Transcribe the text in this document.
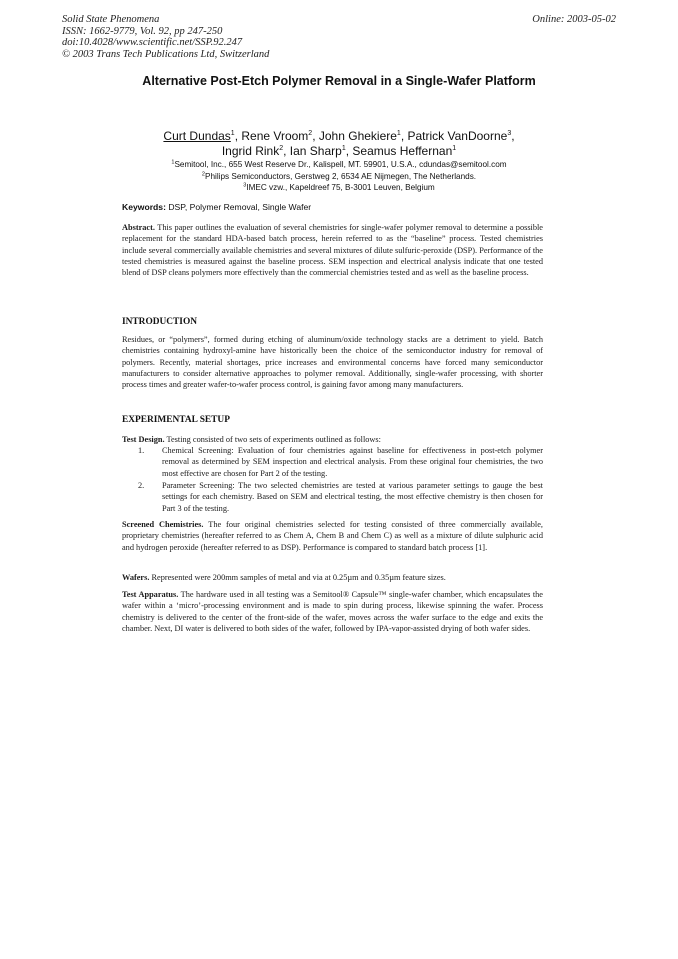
Solid State Phenomena
ISSN: 1662-9779, Vol. 92, pp 247-250
doi:10.4028/www.scientific.net/SSP.92.247
© 2003 Trans Tech Publications Ltd, Switzerland
Online: 2003-05-02
Alternative Post-Etch Polymer Removal in a Single-Wafer Platform
Curt Dundas$^1$, Rene Vroom$^2$, John Ghekiere$^1$, Patrick VanDoorne$^3$,
Ingrid Rink$^2$, Ian Sharp$^1$, Seamus Heffernan$^1$
$^1$Semitool, Inc., 655 West Reserve Dr., Kalispell, MT. 59901, U.S.A., cdundas@semitool.com
$^2$Philips Semiconductors, Gerstweg 2, 6534 AE Nijmegen, The Netherlands.
$^3$IMEC vzw., Kapeldreef 75, B-3001 Leuven, Belgium
Keywords: DSP, Polymer Removal, Single Wafer
Abstract. This paper outlines the evaluation of several chemistries for single-wafer polymer removal to determine a possible replacement for the standard HDA-based batch process, herein referred to as the “baseline” process. Tested chemistries include several commercially available chemistries and several mixtures of dilute sulfuric-peroxide (DSP). Performance of the tested chemistries is measured against the baseline process. SEM inspection and electrical analysis indicate that one tested blend of DSP cleans polymers more effectively than the commercial chemistries tested and as well as the baseline process.
INTRODUCTION
Residues, or “polymers”, formed during etching of aluminum/oxide technology stacks are a detriment to yield. Batch chemistries containing hydroxyl-amine have historically been the choice of the semiconductor industry for removal of polymers. Recently, material shortages, price increases and environmental concerns have forced many semiconductor manufacturers to consider alternative approaches to polymer removal. Additionally, single-wafer processing, with shorter process times and greater wafer-to-wafer process control, is gaining favor among many manufacturers.
EXPERIMENTAL SETUP
Test Design. Testing consisted of two sets of experiments outlined as follows:
1. Chemical Screening: Evaluation of four chemistries against baseline for effectiveness in post-etch polymer removal as determined by SEM inspection and electrical analysis. From these original four chemistries, the two most effective are chosen for Part 2 of the testing.
2. Parameter Screening: The two selected chemistries are tested at various parameter settings to gauge the best settings for each chemistry. Based on SEM and electrical testing, the most effective chemistry is then chosen for Part 3 of the testing.
Screened Chemistries. The four original chemistries selected for testing consisted of three commercially available, proprietary chemistries (hereafter referred to as Chem A, Chem B and Chem C) as well as a mixture of dilute sulphuric acid and hydrogen peroxide (hereafter referred to as DSP). Performance is compared to standard batch process [1].
Wafers. Represented were 200mm samples of metal and via at 0.25µm and 0.35µm feature sizes.
Test Apparatus. The hardware used in all testing was a Semitool® Capsule™ single-wafer chamber, which encapsulates the wafer within a ‘micro’-processing environment and is made to spin during process, likewise spinning the wafer. Process chemistry is delivered to the center of the front-side of the wafer, moves across the wafer surface to the edge and exits the chamber. Next, DI water is delivered to both sides of the wafer, followed by IPA-vapor-assisted drying of both wafer sides.
